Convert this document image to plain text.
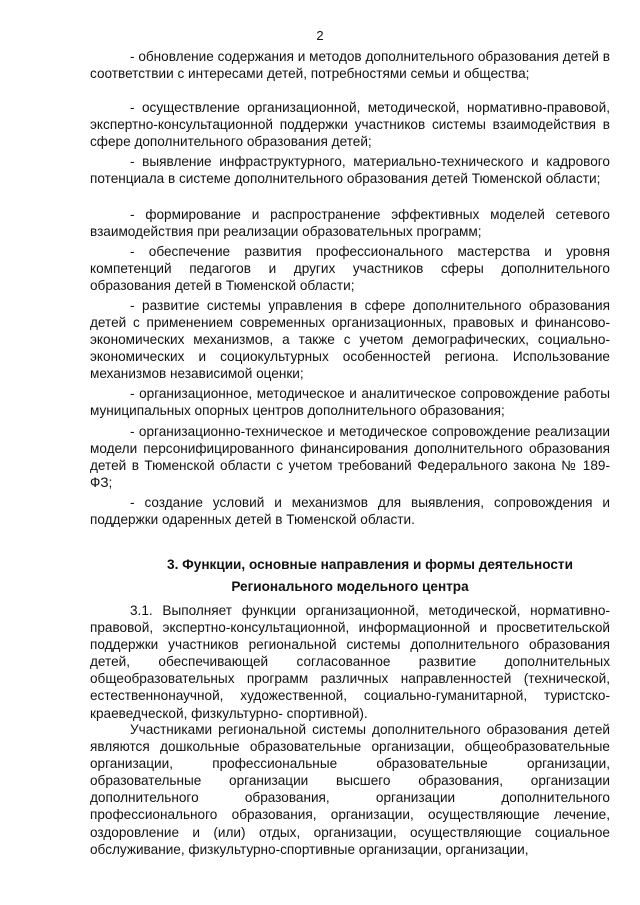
2

- обновление содержания и методов дополнительного образования детей в соответствии с интересами детей, потребностями семьи и общества;

- осуществление организационной, методической, нормативно-правовой, экспертно-консультационной поддержки участников системы взаимодействия в сфере дополнительного образования детей;

- выявление инфраструктурного, материально-технического и кадрового потенциала в системе дополнительного образования детей Тюменской области;

- формирование и распространение эффективных моделей сетевого взаимодействия при реализации образовательных программ;

- обеспечение развития профессионального мастерства и уровня компетенций педагогов и других участников сферы дополнительного образования детей в Тюменской области;

- развитие системы управления в сфере дополнительного образования детей с применением современных организационных, правовых и финансово-экономических механизмов, а также с учетом демографических, социально-экономических и социокультурных особенностей региона. Использование механизмов независимой оценки;

- организационное, методическое и аналитическое сопровождение работы муниципальных опорных центров дополнительного образования;

- организационно-техническое и методическое сопровождение реализации модели персонифицированного финансирования дополнительного образования детей в Тюменской области с учетом требований Федерального закона № 189-ФЗ;

- создание условий и механизмов для выявления, сопровождения и поддержки одаренных детей в Тюменской области.

3. Функции, основные направления и формы деятельности
Регионального модельного центра

3.1. Выполняет функции организационной, методической, нормативно-правовой, экспертно-консультационной, информационной и просветительской поддержки участников региональной системы дополнительного образования детей, обеспечивающей согласованное развитие дополнительных общеобразовательных программ различных направленностей (технической, естественнонаучной, художественной, социально-гуманитарной, туристско-краеведческой, физкультурно- спортивной).

Участниками региональной системы дополнительного образования детей являются дошкольные образовательные организации, общеобразовательные организации, профессиональные образовательные организации, образовательные организации высшего образования, организации дополнительного образования, организации дополнительного профессионального образования, организации, осуществляющие лечение, оздоровление и (или) отдых, организации, осуществляющие социальное обслуживание, физкультурно-спортивные организации, организации,
